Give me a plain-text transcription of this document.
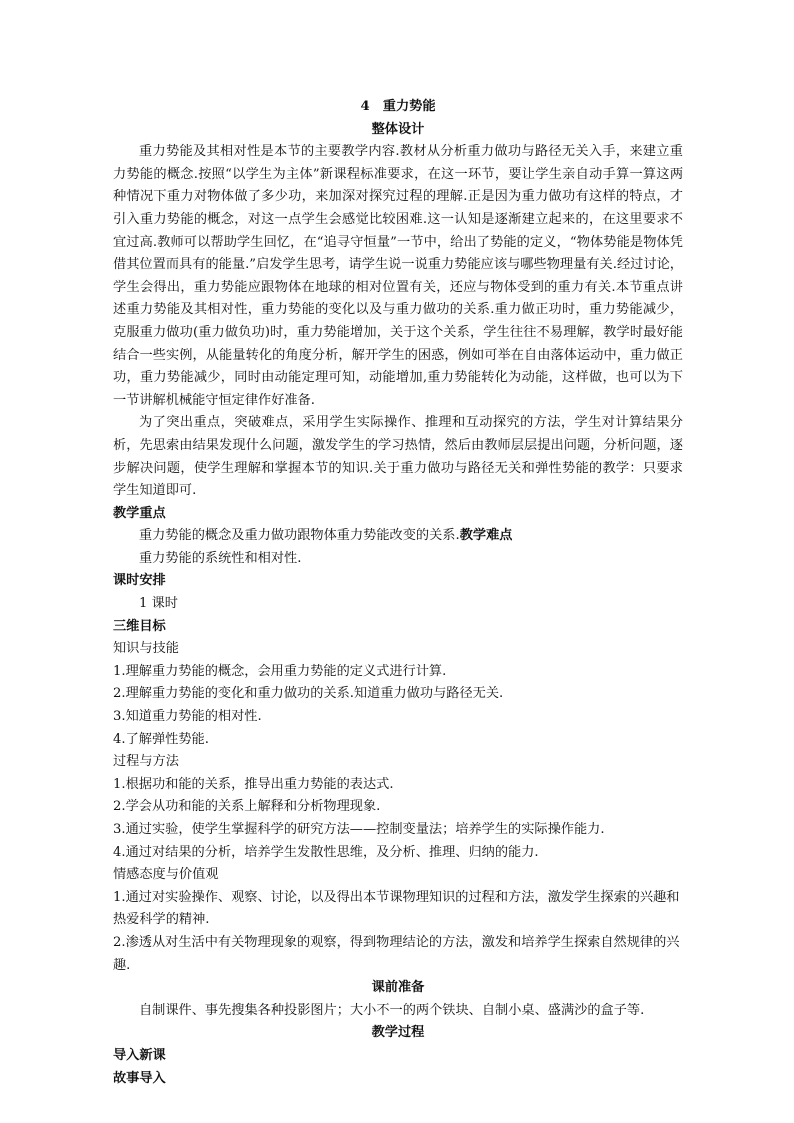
4　重力势能
整体设计
重力势能及其相对性是本节的主要教学内容.教材从分析重力做功与路径无关入手，来建立重力势能的概念.按照“以学生为主体”新课程标准要求，在这一环节，要让学生亲自动手算一算这两种情况下重力对物体做了多少功，来加深对探究过程的理解.正是因为重力做功有这样的特点，才引入重力势能的概念，对这一点学生会感觉比较困难.这一认知是逐渐建立起来的，在这里要求不宜过高.教师可以帮助学生回忆，在“追寻守恒量”一节中，给出了势能的定义，“物体势能是物体凭借其位置而具有的能量.”启发学生思考，请学生说一说重力势能应该与哪些物理量有关.经过讨论，学生会得出，重力势能应跟物体在地球的相对位置有关，还应与物体受到的重力有关.本节重点讲述重力势能及其相对性，重力势能的变化以及与重力做功的关系.重力做正功时，重力势能减少，克服重力做功(重力做负功)时，重力势能增加，关于这个关系，学生往往不易理解，教学时最好能结合一些实例，从能量转化的角度分析，解开学生的困惑，例如可举在自由落体运动中，重力做正功，重力势能减少，同时由动能定理可知，动能增加,重力势能转化为动能，这样做，也可以为下一节讲解机械能守恒定律作好准备.
为了突出重点，突破难点，采用学生实际操作、推理和互动探究的方法，学生对计算结果分析，先思索由结果发现什么问题，激发学生的学习热情，然后由教师层层提出问题，分析问题，逐步解决问题，使学生理解和掌握本节的知识.关于重力做功与路径无关和弹性势能的教学：只要求学生知道即可.
教学重点
重力势能的概念及重力做功跟物体重力势能改变的关系.教学难点
重力势能的系统性和相对性.
课时安排
1 课时
三维目标
知识与技能
1.理解重力势能的概念，会用重力势能的定义式进行计算.
2.理解重力势能的变化和重力做功的关系.知道重力做功与路径无关.
3.知道重力势能的相对性.
4.了解弹性势能.
过程与方法
1.根据功和能的关系，推导出重力势能的表达式.
2.学会从功和能的关系上解释和分析物理现象.
3.通过实验，使学生掌握科学的研究方法——控制变量法；培养学生的实际操作能力.
4.通过对结果的分析，培养学生发散性思维，及分析、推理、归纳的能力.
情感态度与价值观
1.通过对实验操作、观察、讨论，以及得出本节课物理知识的过程和方法，激发学生探索的兴趣和热爱科学的精神.
2.渗透从对生活中有关物理现象的观察，得到物理结论的方法，激发和培养学生探索自然规律的兴趣.
课前准备
自制课件、事先搜集各种投影图片；大小不一的两个铁块、自制小桌、盛满沙的盒子等.
教学过程
导入新课
故事导入
